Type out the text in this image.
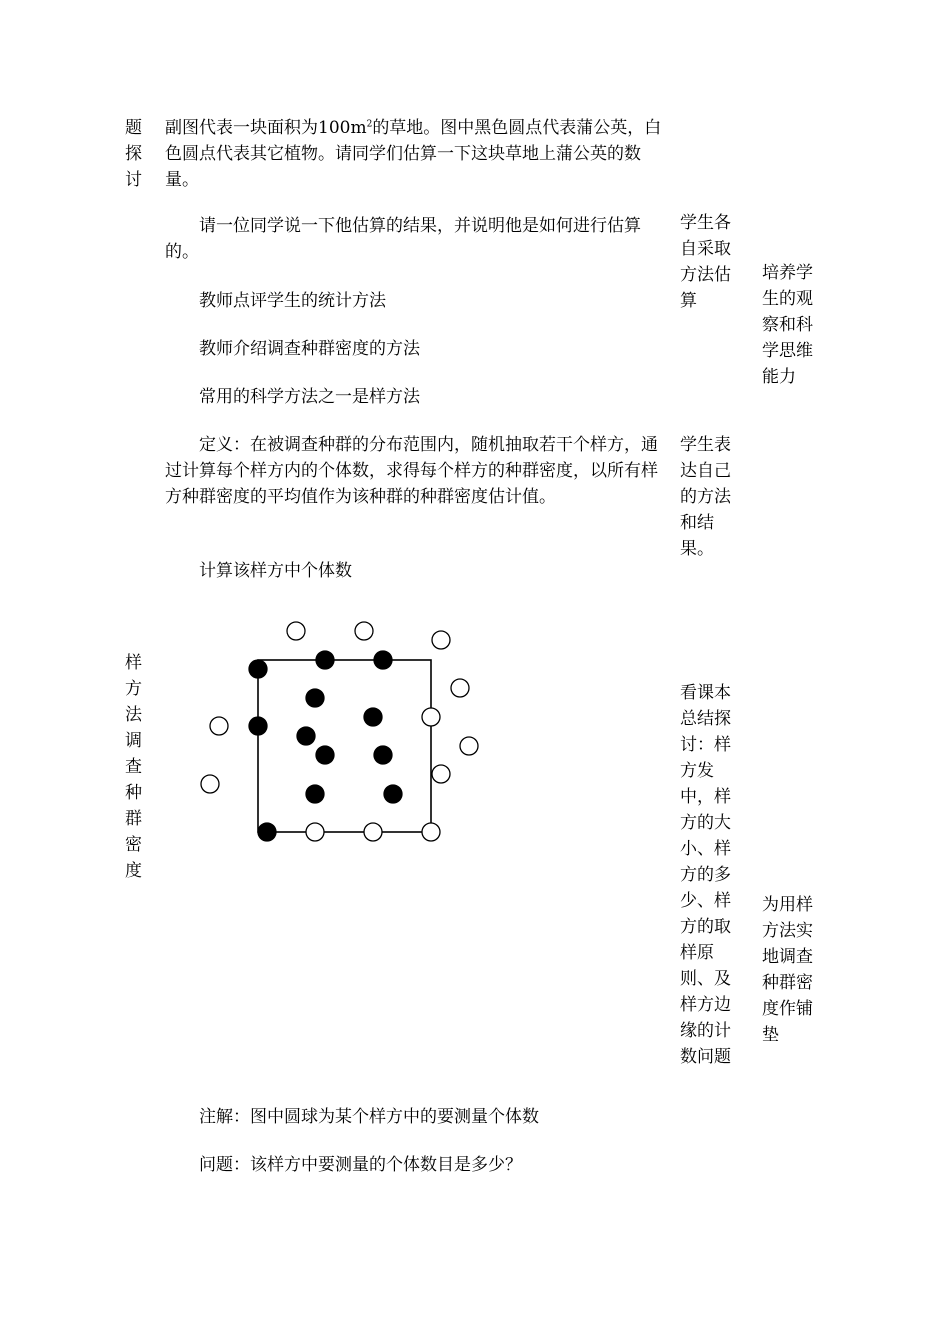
题探讨
样方法调查种群密度
副图代表一块面积为$100m^2$的草地。图中黑色圆点代表蒲公英，白色圆点代表其它植物。请同学们估算一下这块草地上蒲公英的数量。
请一位同学说一下他估算的结果，并说明他是如何进行估算的。
教师点评学生的统计方法
教师介绍调查种群密度的方法
常用的科学方法之一是样方法
定义：在被调查种群的分布范围内，随机抽取若干个样方，通过计算每个样方内的个体数，求得每个样方的种群密度，以所有样方种群密度的平均值作为该种群的种群密度估计值。
计算该样方中个体数
注解：图中圆球为某个样方中的要测量个体数
问题：该样方中要测量的个体数目是多少？
学生各自采取方法估算
学生表达自己的方法和结果。
看课本总结探讨：样方发中，样方的大小、样方的多少、样方的取样原则、及样方边缘的计数问题
培养学生的观察和科学思维能力
为用样方法实地调查种群密度作铺垫
